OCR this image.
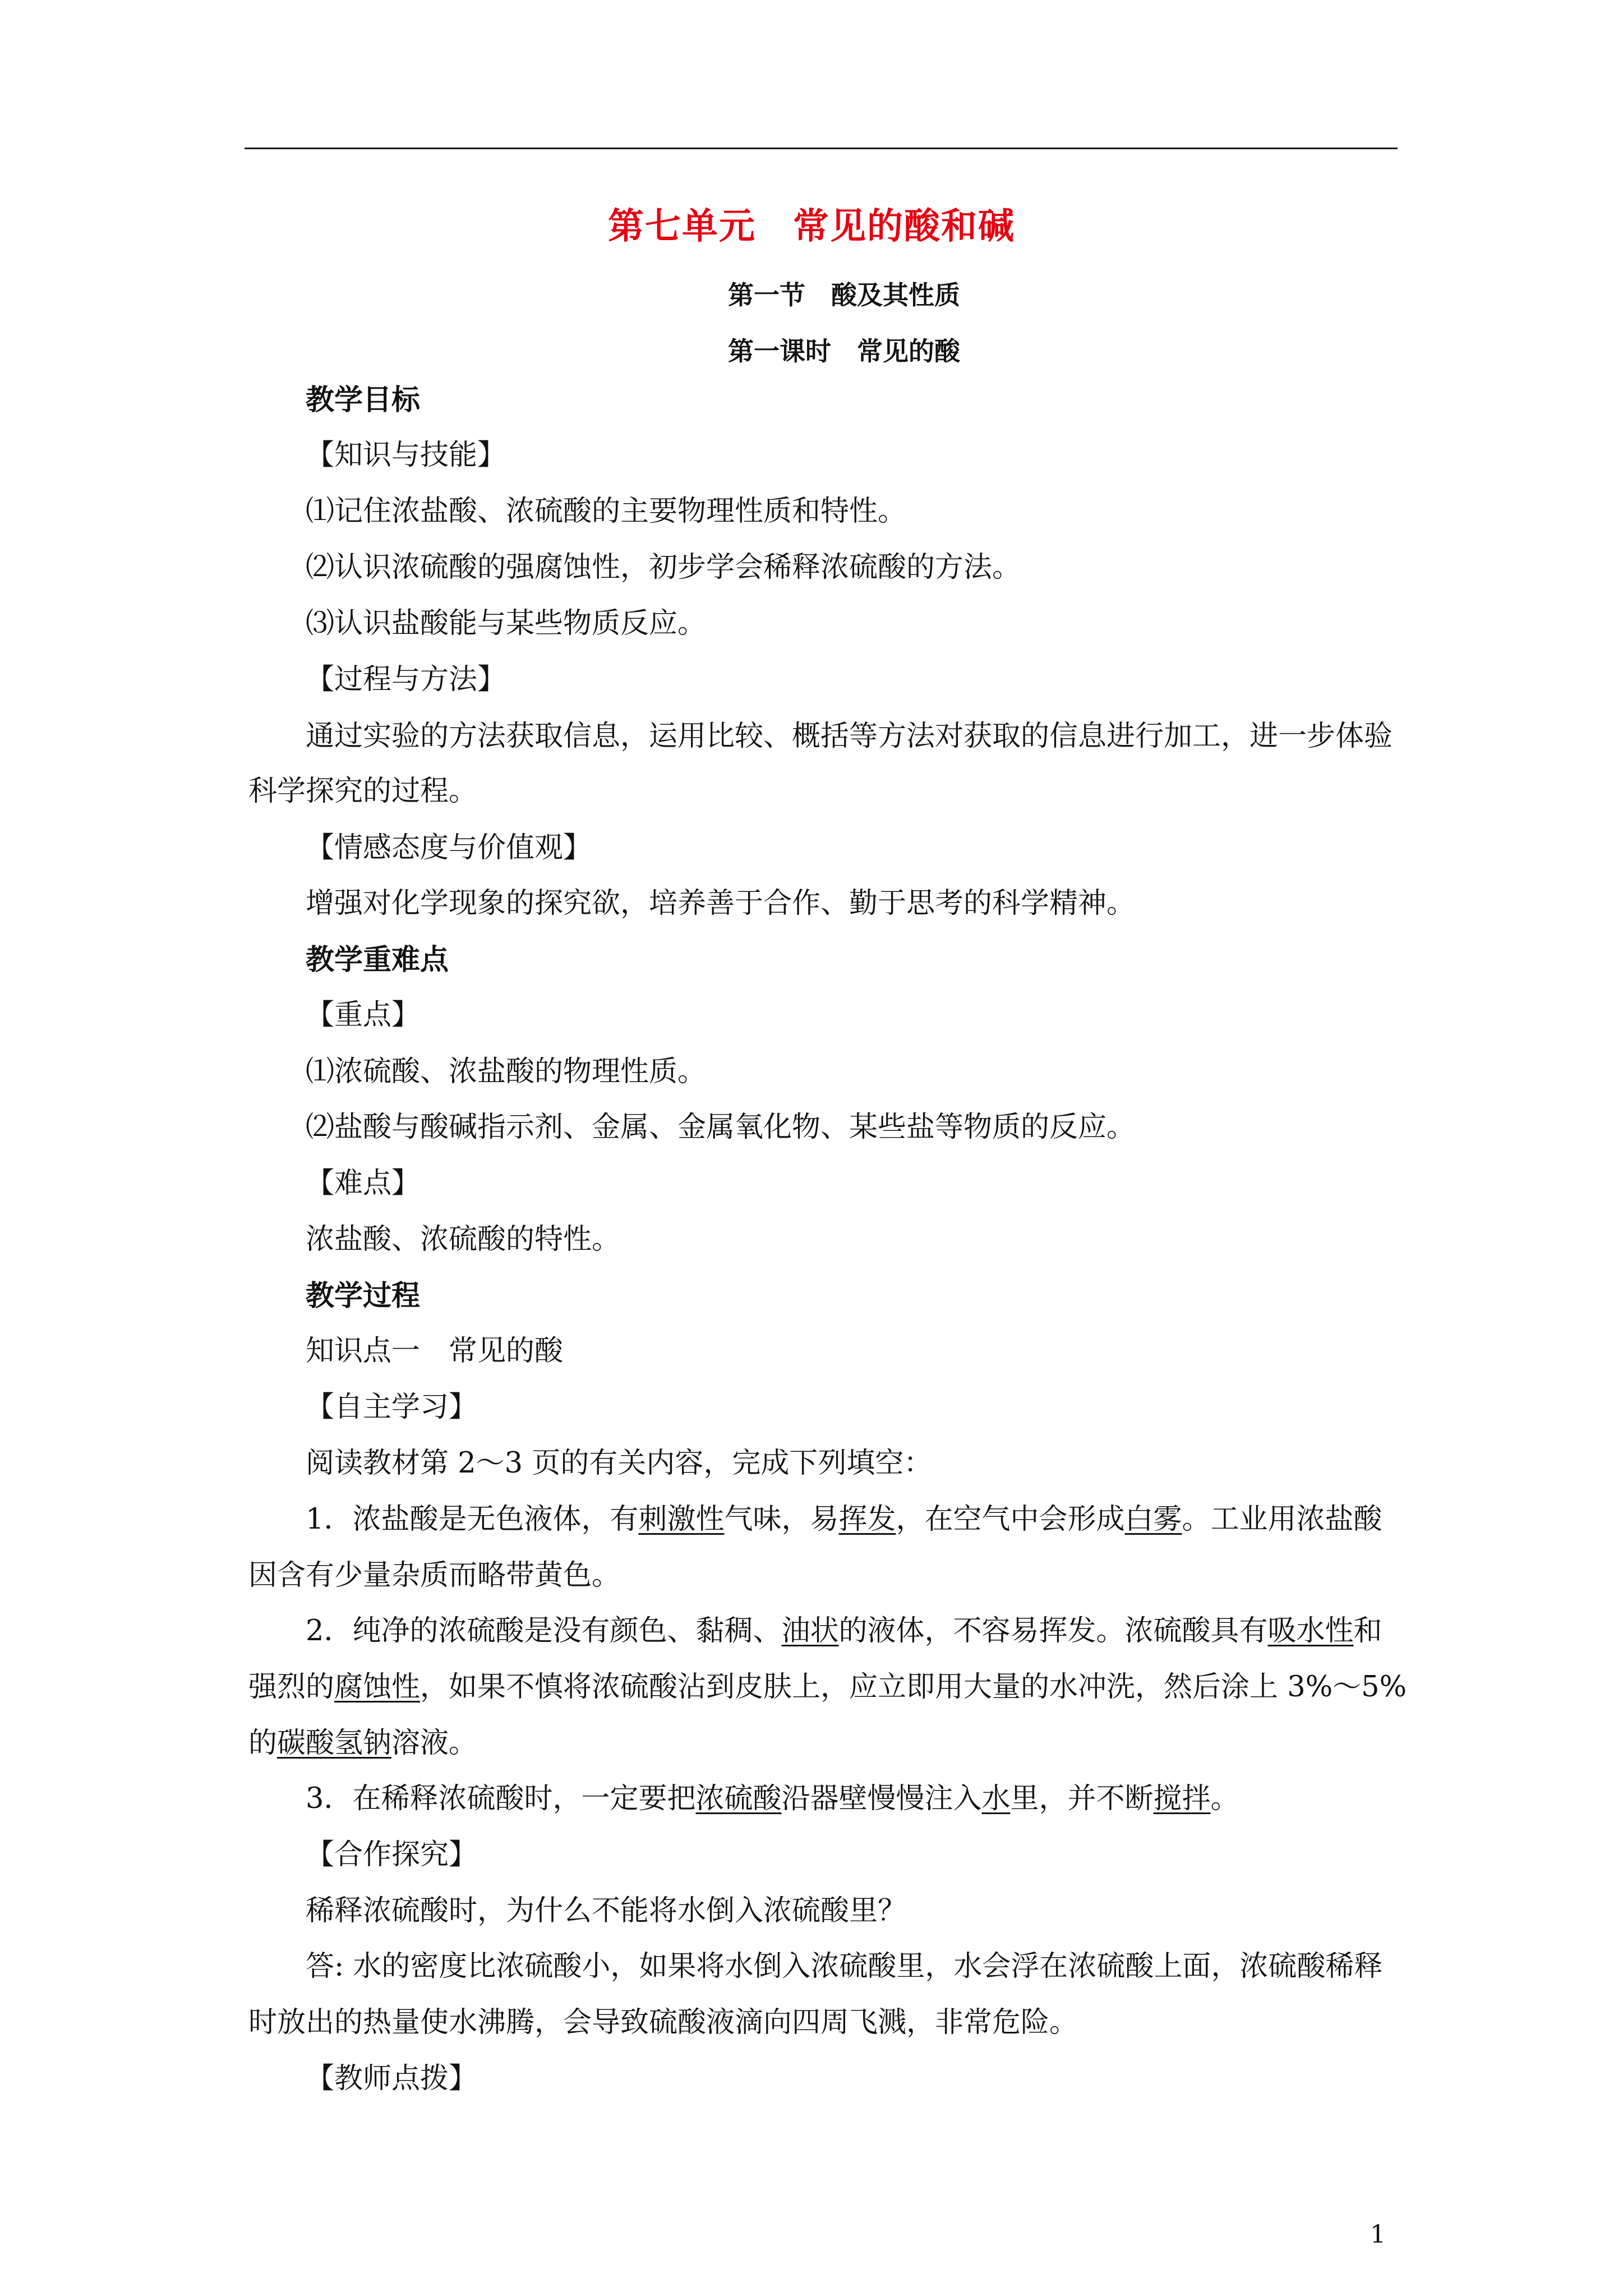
第七单元　常见的酸和碱
第一节　酸及其性质
第一课时　常见的酸
教学目标
【知识与技能】
⑴记住浓盐酸、浓硫酸的主要物理性质和特性。
⑵认识浓硫酸的强腐蚀性，初步学会稀释浓硫酸的方法。
⑶认识盐酸能与某些物质反应。
【过程与方法】
通过实验的方法获取信息，运用比较、概括等方法对获取的信息进行加工，进一步体验
科学探究的过程。
【情感态度与价值观】
增强对化学现象的探究欲，培养善于合作、勤于思考的科学精神。
教学重难点
【重点】
⑴浓硫酸、浓盐酸的物理性质。
⑵盐酸与酸碱指示剂、金属、金属氧化物、某些盐等物质的反应。
【难点】
浓盐酸、浓硫酸的特性。
教学过程
知识点一　常见的酸
【自主学习】
阅读教材第 2～3 页的有关内容，完成下列填空：
1．浓盐酸是无色液体，有刺激性气味，易挥发，在空气中会形成白雾。工业用浓盐酸
因含有少量杂质而略带黄色。
2．纯净的浓硫酸是没有颜色、黏稠、油状的液体，不容易挥发。浓硫酸具有吸水性和
强烈的腐蚀性，如果不慎将浓硫酸沾到皮肤上，应立即用大量的水冲洗，然后涂上 3%～5%
的碳酸氢钠溶液。
3．在稀释浓硫酸时，一定要把浓硫酸沿器壁慢慢注入水里，并不断搅拌。
【合作探究】
稀释浓硫酸时，为什么不能将水倒入浓硫酸里？
答: 水的密度比浓硫酸小，如果将水倒入浓硫酸里，水会浮在浓硫酸上面，浓硫酸稀释
时放出的热量使水沸腾，会导致硫酸液滴向四周飞溅，非常危险。
【教师点拨】
1
